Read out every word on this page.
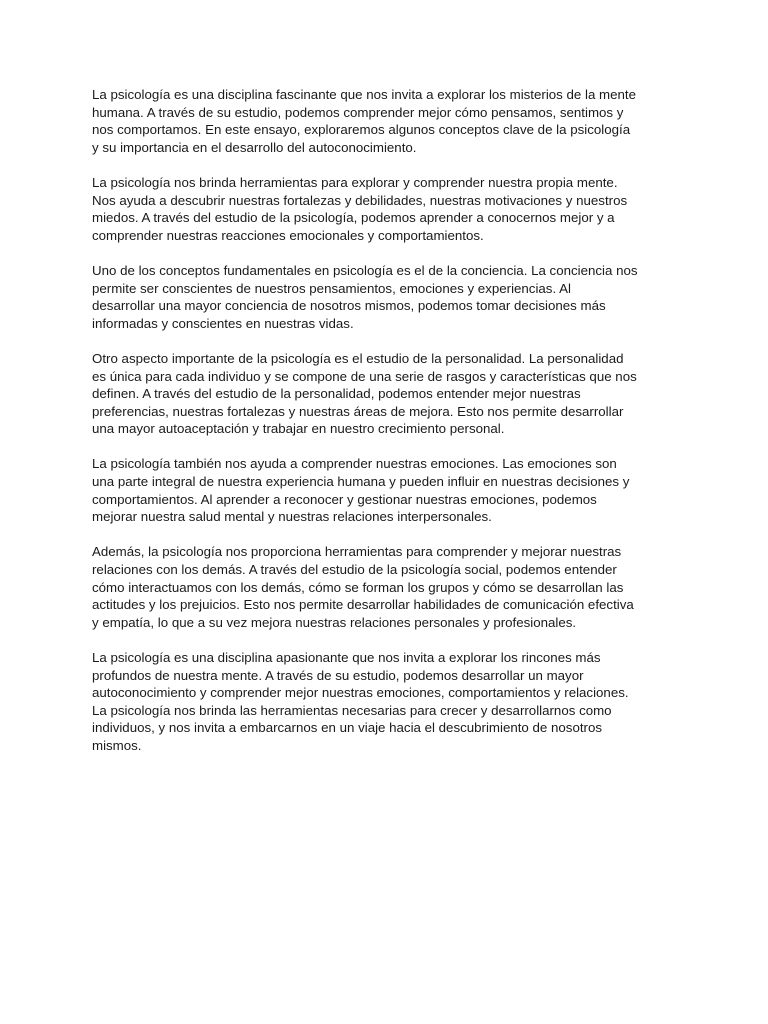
La psicología es una disciplina fascinante que nos invita a explorar los misterios de la mente
humana. A través de su estudio, podemos comprender mejor cómo pensamos, sentimos y
nos comportamos. En este ensayo, exploraremos algunos conceptos clave de la psicología
y su importancia en el desarrollo del autoconocimiento.

La psicología nos brinda herramientas para explorar y comprender nuestra propia mente.
Nos ayuda a descubrir nuestras fortalezas y debilidades, nuestras motivaciones y nuestros
miedos. A través del estudio de la psicología, podemos aprender a conocernos mejor y a
comprender nuestras reacciones emocionales y comportamientos.

Uno de los conceptos fundamentales en psicología es el de la conciencia. La conciencia nos
permite ser conscientes de nuestros pensamientos, emociones y experiencias. Al
desarrollar una mayor conciencia de nosotros mismos, podemos tomar decisiones más
informadas y conscientes en nuestras vidas.

Otro aspecto importante de la psicología es el estudio de la personalidad. La personalidad
es única para cada individuo y se compone de una serie de rasgos y características que nos
definen. A través del estudio de la personalidad, podemos entender mejor nuestras
preferencias, nuestras fortalezas y nuestras áreas de mejora. Esto nos permite desarrollar
una mayor autoaceptación y trabajar en nuestro crecimiento personal.

La psicología también nos ayuda a comprender nuestras emociones. Las emociones son
una parte integral de nuestra experiencia humana y pueden influir en nuestras decisiones y
comportamientos. Al aprender a reconocer y gestionar nuestras emociones, podemos
mejorar nuestra salud mental y nuestras relaciones interpersonales.

Además, la psicología nos proporciona herramientas para comprender y mejorar nuestras
relaciones con los demás. A través del estudio de la psicología social, podemos entender
cómo interactuamos con los demás, cómo se forman los grupos y cómo se desarrollan las
actitudes y los prejuicios. Esto nos permite desarrollar habilidades de comunicación efectiva
y empatía, lo que a su vez mejora nuestras relaciones personales y profesionales.

La psicología es una disciplina apasionante que nos invita a explorar los rincones más
profundos de nuestra mente. A través de su estudio, podemos desarrollar un mayor
autoconocimiento y comprender mejor nuestras emociones, comportamientos y relaciones.
La psicología nos brinda las herramientas necesarias para crecer y desarrollarnos como
individuos, y nos invita a embarcarnos en un viaje hacia el descubrimiento de nosotros
mismos.
